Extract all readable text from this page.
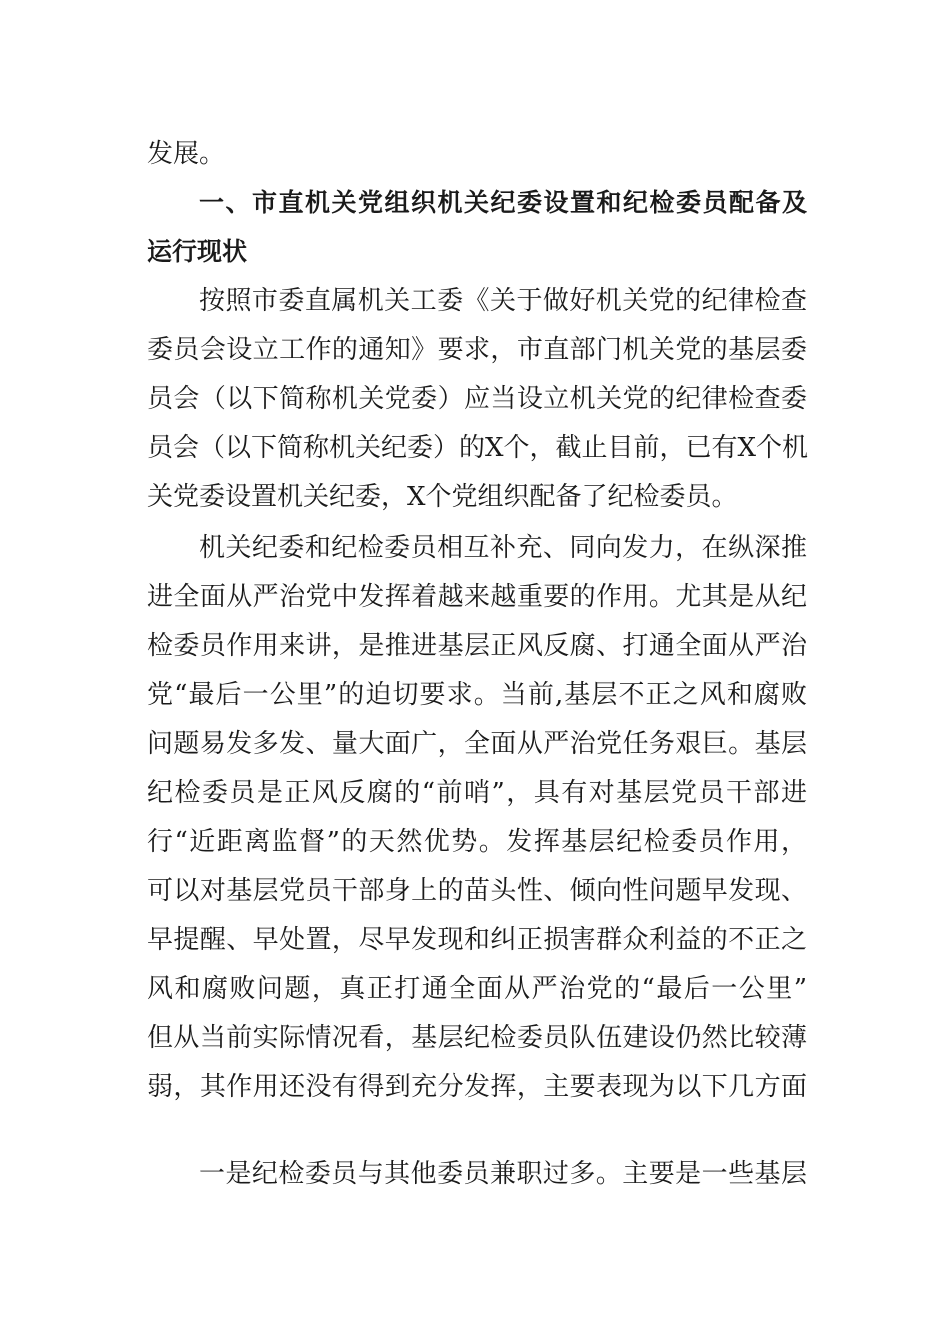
发展。
一、市直机关党组织机关纪委设置和纪检委员配备及
运行现状
按照市委直属机关工委《关于做好机关党的纪律检查
委员会设立工作的通知》要求，市直部门机关党的基层委
员会（以下简称机关党委）应当设立机关党的纪律检查委
员会（以下简称机关纪委）的X个，截止目前，已有X个机
关党委设置机关纪委，X个党组织配备了纪检委员。
机关纪委和纪检委员相互补充、同向发力，在纵深推
进全面从严治党中发挥着越来越重要的作用。尤其是从纪
检委员作用来讲，是推进基层正风反腐、打通全面从严治
党“最后一公里”的迫切要求。当前,基层不正之风和腐败
问题易发多发、量大面广，全面从严治党任务艰巨。基层
纪检委员是正风反腐的“前哨”，具有对基层党员干部进
行“近距离监督”的天然优势。发挥基层纪检委员作用，
可以对基层党员干部身上的苗头性、倾向性问题早发现、
早提醒、早处置，尽早发现和纠正损害群众利益的不正之
风和腐败问题，真正打通全面从严治党的“最后一公里”
但从当前实际情况看，基层纪检委员队伍建设仍然比较薄
弱，其作用还没有得到充分发挥，主要表现为以下几方面
一是纪检委员与其他委员兼职过多。主要是一些基层
